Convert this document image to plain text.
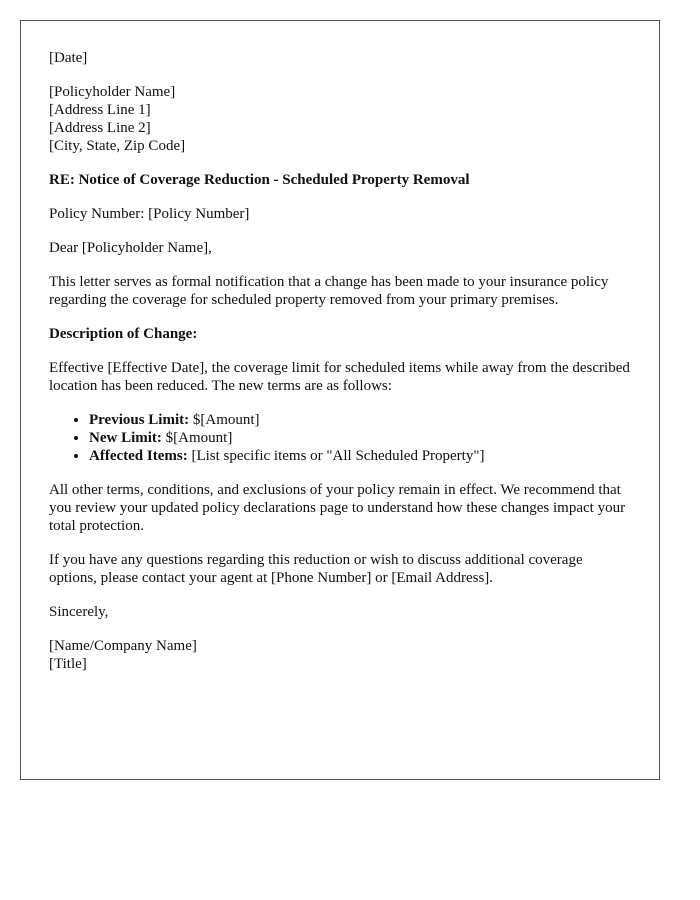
[Date]

[Policyholder Name]
[Address Line 1]
[Address Line 2]
[City, State, Zip Code]

RE: Notice of Coverage Reduction - Scheduled Property Removal

Policy Number: [Policy Number]

Dear [Policyholder Name],

This letter serves as formal notification that a change has been made to your insurance policy regarding the coverage for scheduled property removed from your primary premises.

Description of Change:

Effective [Effective Date], the coverage limit for scheduled items while away from the described location has been reduced. The new terms are as follows:

• Previous Limit: $[Amount]
• New Limit: $[Amount]
• Affected Items: [List specific items or "All Scheduled Property"]

All other terms, conditions, and exclusions of your policy remain in effect. We recommend that you review your updated policy declarations page to understand how these changes impact your total protection.

If you have any questions regarding this reduction or wish to discuss additional coverage options, please contact your agent at [Phone Number] or [Email Address].

Sincerely,

[Name/Company Name]
[Title]
